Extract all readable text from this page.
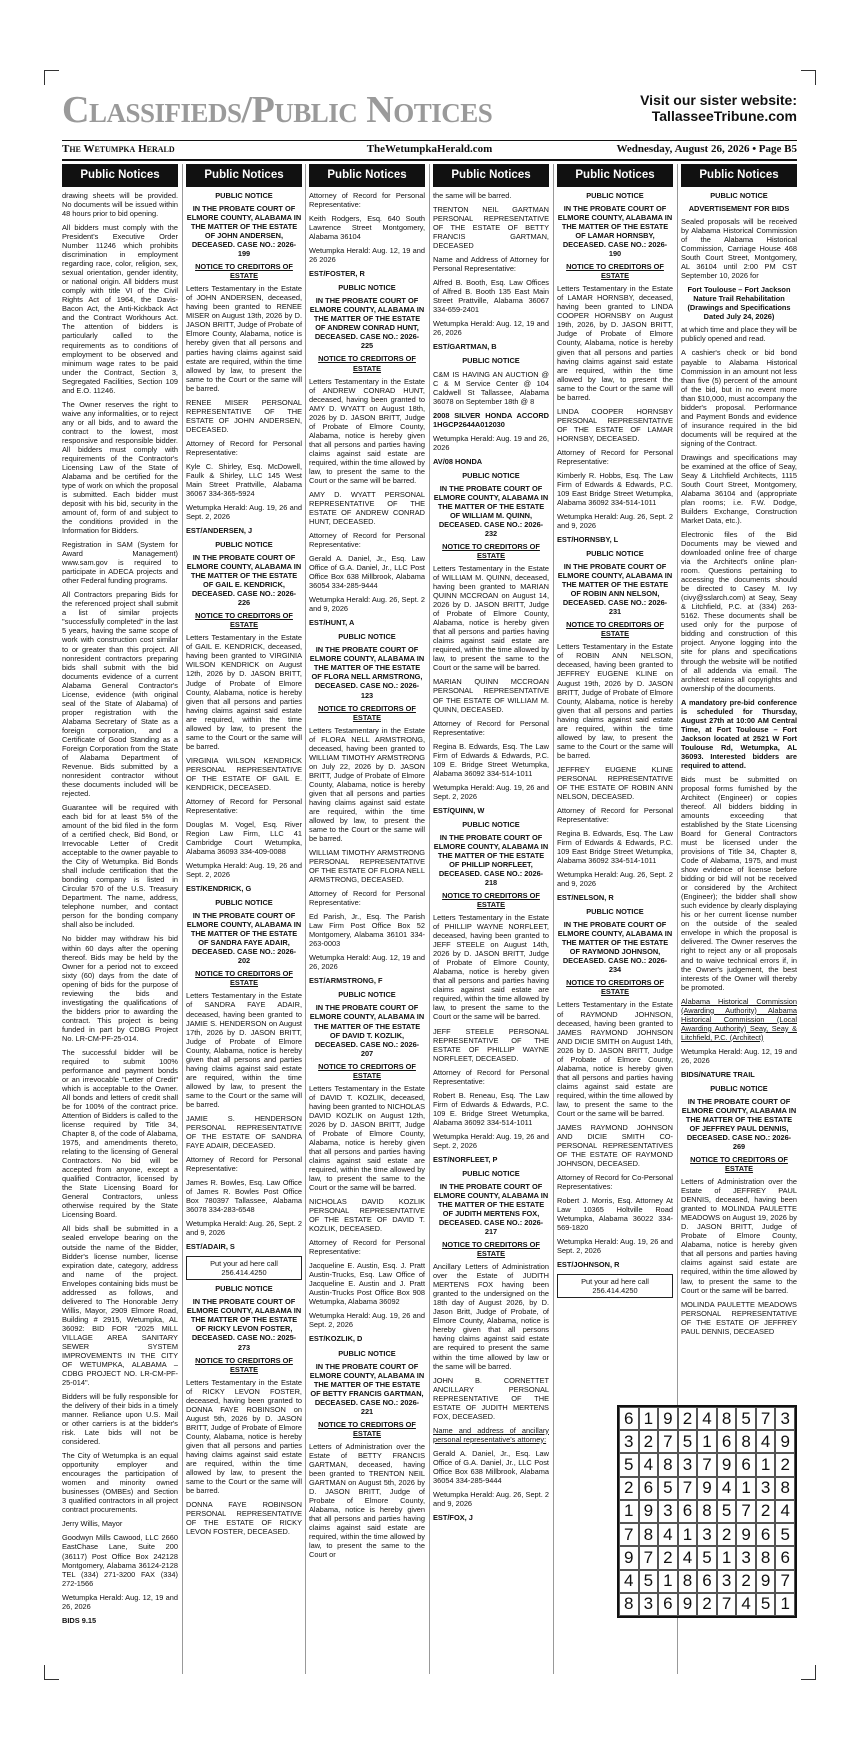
Classifieds/Public Notices	Visit our sister website:
TallasseeTribune.com
The Wetumpka Herald	TheWetumpkaHerald.com	Wednesday, August 26, 2026 • Page B5
Public Notices

drawing sheets will be provided. No documents will be issued within 48 hours prior to bid opening.

All bidders must comply with the President's Executive Order Number 11246 which prohibits discrimination in employment regarding race, color, religion, sex, sexual orientation, gender identity, or national origin. All bidders must comply with title VI of the Civil Rights Act of 1964, the Davis-Bacon Act, the Anti-Kickback Act and the Contract Workhours Act. The attention of bidders is particularly called to the requirements as to conditions of employment to be observed and minimum wage rates to be paid under the Contract, Section 3, Segregated Facilities, Section 109 and E.O. 11246.

The Owner reserves the right to waive any informalities, or to reject any or all bids, and to award the contract to the lowest, most responsive and responsible bidder. All bidders must comply with requirements of the Contractor's Licensing Law of the State of Alabama and be certified for the type of work on which the proposal is submitted. Each bidder must deposit with his bid, security in the amount of, form of and subject to the conditions provided in the Information for Bidders.

Registration in SAM (System for Award Management) www.sam.gov is required to participate in ADECA projects and other Federal funding programs.

All Contractors preparing Bids for the referenced project shall submit a list of similar projects "successfully completed" in the last 5 years, having the same scope of work with construction cost similar to or greater than this project. All nonresident contractors preparing bids shall submit with the bid documents evidence of a current Alabama General Contractor's License, evidence (with original seal of the State of Alabama) of proper registration with the Alabama Secretary of State as a foreign corporation, and a Certificate of Good Standing as a Foreign Corporation from the State of Alabama Department of Revenue. Bids submitted by a nonresident contractor without these documents included will be rejected.

Guarantee will be required with each bid for at least 5% of the amount of the bid filed in the form of a certified check, Bid Bond, or Irrevocable Letter of Credit acceptable to the owner payable to the City of Wetumpka. Bid Bonds shall include certification that the bonding company is listed in Circular 570 of the U.S. Treasury Department. The name, address, telephone number, and contact person for the bonding company shall also be included.

No bidder may withdraw his bid within 60 days after the opening thereof. Bids may be held by the Owner for a period not to exceed sixty (60) days from the date of opening of bids for the purpose of reviewing the bids and investigating the qualifications of the bidders prior to awarding the contract. This project is being funded in part by CDBG Project No. LR-CM-PF-25-014.

The successful bidder will be required to submit 100% performance and payment bonds or an irrevocable "Letter of Credit" which is acceptable to the Owner. All bonds and letters of credit shall be for 100% of the contract price. Attention of Bidders is called to the license required by Title 34, Chapter 8, of the code of Alabama, 1975, and amendments thereto, relating to the licensing of General Contractors. No bid will be accepted from anyone, except a qualified Contractor, licensed by the State Licensing Board for General Contractors, unless otherwise required by the State Licensing Board.

All bids shall be submitted in a sealed envelope bearing on the outside the name of the Bidder, Bidder's license number, license expiration date, category, address and name of the project. Envelopes containing bids must be addressed as follows, and delivered to The Honorable Jerry Willis, Mayor, 2909 Elmore Road, Building # 2915, Wetumpka, AL 36092: BID FOR "2025 MILL VILLAGE AREA SANITARY SEWER SYSTEM IMPROVEMENTS IN THE CITY OF WETUMPKA, ALABAMA – CDBG PROJECT NO. LR-CM-PF-25-014".

Bidders will be fully responsible for the delivery of their bids in a timely manner. Reliance upon U.S. Mail or other carriers is at the bidder's risk. Late bids will not be considered.

The City of Wetumpka is an equal opportunity employer and encourages the participation of women and minority owned businesses (OMBEs) and Section 3 qualified contractors in all project contract procurements.

Jerry Willis, Mayor

Goodwyn Mills Cawood, LLC 2660 EastChase Lane, Suite 200 (36117) Post Office Box 242128 Montgomery, Alabama 36124-2128 TEL (334) 271-3200 FAX (334) 272-1566

Wetumpka Herald: Aug. 12, 19 and 26, 2026

BIDS 9.15

Public Notices

PUBLIC NOTICE

IN THE PROBATE COURT OF ELMORE COUNTY, ALABAMA IN THE MATTER OF THE ESTATE OF JOHN ANDERSEN, DECEASED. CASE NO.: 2026-199

NOTICE TO CREDITORS OF ESTATE

Letters Testamentary in the Estate of JOHN ANDERSEN, deceased, having been granted to RENEE MISER on August 13th, 2026 by D. JASON BRITT, Judge of Probate of Elmore County, Alabama, notice is hereby given that all persons and parties having claims against said estate are required, within the time allowed by law, to present the same to the Court or the same will be barred.

RENEE MISER PERSONAL REPRESENTATIVE OF THE ESTATE OF JOHN ANDERSEN, DECEASED.

Attorney of Record for Personal Representative:

Kyle C. Shirley, Esq. McDowell, Faulk & Shirley, LLC 145 West Main Street Prattville, Alabama 36067 334-365-5924

Wetumpka Herald: Aug. 19, 26 and Sept. 2, 2026

EST/ANDERSEN, J

PUBLIC NOTICE

IN THE PROBATE COURT OF ELMORE COUNTY, ALABAMA IN THE MATTER OF THE ESTATE OF GAIL E. KENDRICK, DECEASED. CASE NO.: 2026-226

NOTICE TO CREDITORS OF ESTATE

Letters Testamentary in the Estate of GAIL E. KENDRICK, deceased, having been granted to VIRGINIA WILSON KENDRICK on August 12th, 2026 by D. JASON BRITT, Judge of Probate of Elmore County, Alabama, notice is hereby given that all persons and parties having claims against said estate are required, within the time allowed by law, to present the same to the Court or the same will be barred.

VIRGINIA WILSON KENDRICK PERSONAL REPRESENTATIVE OF THE ESTATE OF GAIL E. KENDRICK, DECEASED.

Attorney of Record for Personal Representative:

Douglas M. Vogel, Esq. River Region Law Firm, LLC 41 Cambridge Court Wetumpka, Alabama 36093 334-409-0088

Wetumpka Herald: Aug. 19, 26 and Sept. 2, 2026

EST/KENDRICK, G

PUBLIC NOTICE

IN THE PROBATE COURT OF ELMORE COUNTY, ALABAMA IN THE MATTER OF THE ESTATE OF SANDRA FAYE ADAIR, DECEASED. CASE NO.: 2026-202

NOTICE TO CREDITORS OF ESTATE

Letters Testamentary in the Estate of SANDRA FAYE ADAIR, deceased, having been granted to JAMIE S. HENDERSON on August 17th, 2026 by D. JASON BRITT, Judge of Probate of Elmore County, Alabama, notice is hereby given that all persons and parties having claims against said estate are required, within the time allowed by law, to present the same to the Court or the same will be barred.

JAMIE S. HENDERSON PERSONAL REPRESENTATIVE OF THE ESTATE OF SANDRA FAYE ADAIR, DECEASED.

Attorney of Record for Personal Representative:

James R. Bowles, Esq. Law Office of James R. Bowles Post Office Box 780397 Tallassee, Alabama 36078 334-283-6548

Wetumpka Herald: Aug. 26, Sept. 2 and 9, 2026

EST/ADAIR, S

Put your ad here call 256.414.4250

PUBLIC NOTICE

IN THE PROBATE COURT OF ELMORE COUNTY, ALABAMA IN THE MATTER OF THE ESTATE OF RICKY LEVON FOSTER, DECEASED. CASE NO.: 2025-273

NOTICE TO CREDITORS OF ESTATE

Letters Testamentary in the Estate of RICKY LEVON FOSTER, deceased, having been granted to DONNA FAYE ROBINSON on August 5th, 2026 by D. JASON BRITT, Judge of Probate of Elmore County, Alabama, notice is hereby given that all persons and parties having claims against said estate are required, within the time allowed by law, to present the same to the Court or the same will be barred.

DONNA FAYE ROBINSON PERSONAL REPRESENTATIVE OF THE ESTATE OF RICKY LEVON FOSTER, DECEASED.

Public Notices

Attorney of Record for Personal Representative:

Keith Rodgers, Esq. 640 South Lawrence Street Montgomery, Alabama 36104

Wetumpka Herald: Aug. 12, 19 and 26 2026

EST/FOSTER, R

PUBLIC NOTICE

IN THE PROBATE COURT OF ELMORE COUNTY, ALABAMA IN THE MATTER OF THE ESTATE OF ANDREW CONRAD HUNT, DECEASED. CASE NO.: 2026-225

NOTICE TO CREDITORS OF ESTATE

Letters Testamentary in the Estate of ANDREW CONRAD HUNT, deceased, having been granted to AMY D. WYATT on August 18th, 2026 by D. JASON BRITT, Judge of Probate of Elmore County, Alabama, notice is hereby given that all persons and parties having claims against said estate are required, within the time allowed by law, to present the same to the Court or the same will be barred.

AMY D. WYATT PERSONAL REPRESENTATIVE OF THE ESTATE OF ANDREW CONRAD HUNT, DECEASED.

Attorney of Record for Personal Representative:

Gerald A. Daniel, Jr., Esq. Law Office of G.A. Daniel, Jr., LLC Post Office Box 638 Millbrook, Alabama 36054 334-285-9444

Wetumpka Herald: Aug. 26, Sept. 2 and 9, 2026

EST/HUNT, A

PUBLIC NOTICE

IN THE PROBATE COURT OF ELMORE COUNTY, ALABAMA IN THE MATTER OF THE ESTATE OF FLORA NELL ARMSTRONG, DECEASED. CASE NO.: 2026-123

NOTICE TO CREDITORS OF ESTATE

Letters Testamentary in the Estate of FLORA NELL ARMSTRONG, deceased, having been granted to WILLIAM TIMOTHY ARMSTRONG on July 22, 2026 by D. JASON BRITT, Judge of Probate of Elmore County, Alabama, notice is hereby given that all persons and parties having claims against said estate are required, within the time allowed by law, to present the same to the Court or the same will be barred.

WILLIAM TIMOTHY ARMSTRONG PERSONAL REPRESENTATIVE OF THE ESTATE OF FLORA NELL ARMSTRONG, DECEASED.

Attorney of Record for Personal Representative:

Ed Parish, Jr., Esq. The Parish Law Firm Post Office Box 52 Montgomery, Alabama 36101 334-263-0003

Wetumpka Herald: Aug. 12, 19 and 26, 2026

EST/ARMSTRONG, F

PUBLIC NOTICE

IN THE PROBATE COURT OF ELMORE COUNTY, ALABAMA IN THE MATTER OF THE ESTATE OF DAVID T. KOZLIK, DECEASED. CASE NO.: 2026-207

NOTICE TO CREDITORS OF ESTATE

Letters Testamentary in the Estate of DAVID T. KOZLIK, deceased, having been granted to NICHOLAS DAVID KOZLIK on August 12th, 2026 by D. JASON BRITT, Judge of Probate of Elmore County, Alabama, notice is hereby given that all persons and parties having claims against said estate are required, within the time allowed by law, to present the same to the Court or the same will be barred.

NICHOLAS DAVID KOZLIK PERSONAL REPRESENTATIVE OF THE ESTATE OF DAVID T. KOZLIK, DECEASED.

Attorney of Record for Personal Representative:

Jacqueline E. Austin, Esq. J. Pratt Austin-Trucks, Esq. Law Office of Jacqueline E. Austin and J. Pratt Austin-Trucks Post Office Box 908 Wetumpka, Alabama 36092

Wetumpka Herald: Aug. 19, 26 and Sept. 2, 2026

EST/KOZLIK, D

PUBLIC NOTICE

IN THE PROBATE COURT OF ELMORE COUNTY, ALABAMA IN THE MATTER OF THE ESTATE OF BETTY FRANCIS GARTMAN, DECEASED. CASE NO.: 2026-221

NOTICE TO CREDITORS OF ESTATE

Letters of Administration over the Estate of BETTY FRANCIS GARTMAN, deceased, having been granted to TRENTON NEIL GARTMAN on August 5th, 2026 by D. JASON BRITT, Judge of Probate of Elmore County, Alabama, notice is hereby given that all persons and parties having claims against said estate are required, within the time allowed by law, to present the same to the Court or

Public Notices

the same will be barred.

TRENTON NEIL GARTMAN PERSONAL REPRESENTATIVE OF THE ESTATE OF BETTY FRANCIS GARTMAN, DECEASED

Name and Address of Attorney for Personal Representative:

Alfred B. Booth, Esq. Law Offices of Alfred B. Booth 135 East Main Street Prattville, Alabama 36067 334-659-2401

Wetumpka Herald: Aug. 12, 19 and 26, 2026

EST/GARTMAN, B

PUBLIC NOTICE

C&M IS HAVING AN AUCTION @ C & M Service Center @ 104 Caldwell St Tallassee, Alabama 36078 on September 18th @ 8

2008 SILVER HONDA ACCORD 1HGCP2644A012030

Wetumpka Herald: Aug. 19 and 26, 2026

AV/08 HONDA

PUBLIC NOTICE

IN THE PROBATE COURT OF ELMORE COUNTY, ALABAMA IN THE MATTER OF THE ESTATE OF WILLIAM M. QUINN, DECEASED. CASE NO.: 2026-232

NOTICE TO CREDITORS OF ESTATE

Letters Testamentary in the Estate of WILLIAM M. QUINN, deceased, having been granted to MARIAN QUINN MCCROAN on August 14, 2026 by D. JASON BRITT, Judge of Probate of Elmore County, Alabama, notice is hereby given that all persons and parties having claims against said estate are required, within the time allowed by law, to present the same to the Court or the same will be barred.

MARIAN QUINN MCCROAN PERSONAL REPRESENTATIVE OF THE ESTATE OF WILLIAM M. QUINN, DECEASED.

Attorney of Record for Personal Representative:

Regina B. Edwards, Esq. The Law Firm of Edwards & Edwards, P.C. 109 E. Bridge Street Wetumpka, Alabama 36092 334-514-1011

Wetumpka Herald: Aug. 19, 26 and Sept. 2, 2026

EST/QUINN, W

PUBLIC NOTICE

IN THE PROBATE COURT OF ELMORE COUNTY, ALABAMA IN THE MATTER OF THE ESTATE OF PHILLIP NORFLEET, DECEASED. CASE NO.: 2026-218

NOTICE TO CREDITORS OF ESTATE

Letters Testamentary in the Estate of PHILLIP WAYNE NORFLEET, deceased, having been granted to JEFF STEELE on August 14th, 2026 by D. JASON BRITT, Judge of Probate of Elmore County, Alabama, notice is hereby given that all persons and parties having claims against said estate are required, within the time allowed by law, to present the same to the Court or the same will be barred.

JEFF STEELE PERSONAL REPRESENTATIVE OF THE ESTATE OF PHILLIP WAYNE NORFLEET, DECEASED.

Attorney of Record for Personal Representative:

Robert B. Reneau, Esq. The Law Firm of Edwards & Edwards, P.C. 109 E. Bridge Street Wetumpka, Alabama 36092 334-514-1011

Wetumpka Herald: Aug. 19, 26 and Sept. 2, 2026

EST/NORFLEET, P

PUBLIC NOTICE

IN THE PROBATE COURT OF ELMORE COUNTY, ALABAMA IN THE MATTER OF THE ESTATE OF JUDITH MERTENS FOX, DECEASED. CASE NO.: 2026-217

NOTICE TO CREDITORS OF ESTATE

Ancillary Letters of Administration over the Estate of JUDITH MERTENS FOX having been granted to the undersigned on the 18th day of August 2026, by D. Jason Britt, Judge of Probate, of Elmore County, Alabama, notice is hereby given that all persons having claims against said estate are required to present the same within the time allowed by law or the same will be barred.

JOHN B. CORNETTET ANCILLARY PERSONAL REPRESENTATIVE OF THE ESTATE OF JUDITH MERTENS FOX, DECEASED.

Name and address of ancillary personal representative's attorney:

Gerald A. Daniel, Jr., Esq. Law Office of G.A. Daniel, Jr., LLC Post Office Box 638 Millbrook, Alabama 36054 334-285-9444

Wetumpka Herald: Aug. 26, Sept. 2 and 9, 2026

EST/FOX, J

Public Notices

PUBLIC NOTICE

IN THE PROBATE COURT OF ELMORE COUNTY, ALABAMA IN THE MATTER OF THE ESTATE OF LAMAR HORNSBY, DECEASED. CASE NO.: 2026-190

NOTICE TO CREDITORS OF ESTATE

Letters Testamentary in the Estate of LAMAR HORNSBY, deceased, having been granted to LINDA COOPER HORNSBY on August 19th, 2026, by D. JASON BRITT, Judge of Probate of Elmore County, Alabama, notice is hereby given that all persons and parties having claims against said estate are required, within the time allowed by law, to present the same to the Court or the same will be barred.

LINDA COOPER HORNSBY PERSONAL REPRESENTATIVE OF THE ESTATE OF LAMAR HORNSBY, DECEASED.

Attorney of Record for Personal Representative:

Kimberly R. Hobbs, Esq. The Law Firm of Edwards & Edwards, P.C. 109 East Bridge Street Wetumpka, Alabama 36092 334-514-1011

Wetumpka Herald: Aug. 26, Sept. 2 and 9, 2026

EST/HORNSBY, L

PUBLIC NOTICE

IN THE PROBATE COURT OF ELMORE COUNTY, ALABAMA IN THE MATTER OF THE ESTATE OF ROBIN ANN NELSON, DECEASED. CASE NO.: 2026-231

NOTICE TO CREDITORS OF ESTATE

Letters Testamentary in the Estate of ROBIN ANN NELSON, deceased, having been granted to JEFFREY EUGENE KLINE on August 19th, 2026 by D. JASON BRITT, Judge of Probate of Elmore County, Alabama, notice is hereby given that all persons and parties having claims against said estate are required, within the time allowed by law, to present the same to the Court or the same will be barred.

JEFFREY EUGENE KLINE PERSONAL REPRESENTATIVE OF THE ESTATE OF ROBIN ANN NELSON, DECEASED.

Attorney of Record for Personal Representative:

Regina B. Edwards, Esq. The Law Firm of Edwards & Edwards, P.C. 109 East Bridge Street Wetumpka, Alabama 36092 334-514-1011

Wetumpka Herald: Aug. 26, Sept. 2 and 9, 2026

EST/NELSON, R

PUBLIC NOTICE

IN THE PROBATE COURT OF ELMORE COUNTY, ALABAMA IN THE MATTER OF THE ESTATE OF RAYMOND JOHNSON, DECEASED. CASE NO.: 2026-234

NOTICE TO CREDITORS OF ESTATE

Letters Testamentary in the Estate of RAYMOND JOHNSON, deceased, having been granted to JAMES RAYMOND JOHNSON AND DICIE SMITH on August 14th, 2026 by D. JASON BRITT, Judge of Probate of Elmore County, Alabama, notice is hereby given that all persons and parties having claims against said estate are required, within the time allowed by law, to present the same to the Court or the same will be barred.

JAMES RAYMOND JOHNSON AND DICIE SMITH CO-PERSONAL REPRESENTATIVES OF THE ESTATE OF RAYMOND JOHNSON, DECEASED.

Attorney of Record for Co-Personal Representatives:

Robert J. Morris, Esq. Attorney At Law 10365 Holtville Road Wetumpka, Alabama 36022 334-569-1820

Wetumpka Herald: Aug. 19, 26 and Sept. 2, 2026

EST/JOHNSON, R

Put your ad here call 256.414.4250
Public Notices

PUBLIC NOTICE

ADVERTISEMENT FOR BIDS

Sealed proposals will be received by Alabama Historical Commission of the Alabama Historical Commission, Carriage House 468 South Court Street, Montgomery, AL 36104 until 2:00 PM CST September 10, 2026 for

Fort Toulouse – Fort Jackson Nature Trail Rehabilitation (Drawings and Specifications Dated July 24, 2026)

at which time and place they will be publicly opened and read.

A cashier's check or bid bond payable to Alabama Historical Commission in an amount not less than five (5) percent of the amount of the bid, but in no event more than $10,000, must accompany the bidder's proposal. Performance and Payment Bonds and evidence of insurance required in the bid documents will be required at the signing of the Contract.

Drawings and specifications may be examined at the office of Seay, Seay & Litchfield Architects, 1115 South Court Street, Montgomery, Alabama 36104 and (appropriate plan rooms; i.e. F.W. Dodge, Builders Exchange, Construction Market Data, etc.).

Electronic files of the Bid Documents may be viewed and downloaded online free of charge via the Architect's online plan-room. Questions pertaining to accessing the documents should be directed to Casey M. Ivy (civy@sslarch.com) at Seay, Seay & Litchfield, P.C. at (334) 263-5162. These documents shall be used only for the purpose of bidding and construction of this project. Anyone logging into the site for plans and specifications through the website will be notified of all addenda via email. The architect retains all copyrights and ownership of the documents.

A mandatory pre-bid conference is scheduled for Thursday, August 27th at 10:00 AM Central Time, at Fort Toulouse – Fort Jackson located at 2521 W Fort Toulouse Rd, Wetumpka, AL 36093. Interested bidders are required to attend.

Bids must be submitted on proposal forms furnished by the Architect (Engineer) or copies thereof. All bidders bidding in amounts exceeding that established by the State Licensing Board for General Contractors must be licensed under the provisions of Title 34, Chapter 8, Code of Alabama, 1975, and must show evidence of license before bidding or bid will not be received or considered by the Architect (Engineer); the bidder shall show such evidence by clearly displaying his or her current license number on the outside of the sealed envelope in which the proposal is delivered. The Owner reserves the right to reject any or all proposals and to waive technical errors if, in the Owner's judgement, the best interests of the Owner will thereby be promoted.

Alabama Historical Commission (Awarding Authority) Alabama Historical Commission (Local Awarding Authority) Seay, Seay & Litchfield, P.C. (Architect)

Wetumpka Herald: Aug. 12, 19 and 26, 2026

BIDS/NATURE TRAIL

PUBLIC NOTICE

IN THE PROBATE COURT OF ELMORE COUNTY, ALABAMA IN THE MATTER OF THE ESTATE OF JEFFREY PAUL DENNIS, DECEASED. CASE NO.: 2026-269

NOTICE TO CREDITORS OF ESTATE

Letters of Administration over the Estate of JEFFREY PAUL DENNIS, deceased, having been granted to MOLINDA PAULETTE MEADOWS on August 19, 2026 by D. JASON BRITT, Judge of Probate of Elmore County, Alabama, notice is hereby given that all persons and parties having claims against said estate are required, within the time allowed by law, to present the same to the Court or the same will be barred.

MOLINDA PAULETTE MEADOWS PERSONAL REPRESENTATIVE OF THE ESTATE OF JEFFREY PAUL DENNIS, DECEASED

6 1 9 2 4 8 5 7 3
3 2 7 5 1 6 8 4 9
5 4 8 3 7 9 6 1 2
2 6 5 7 9 4 1 3 8
1 9 3 6 8 5 7 2 4
7 8 4 1 3 2 9 6 5
9 7 2 4 5 1 3 8 6
4 5 1 8 6 3 2 9 7
8 3 6 9 2 7 4 5 1
